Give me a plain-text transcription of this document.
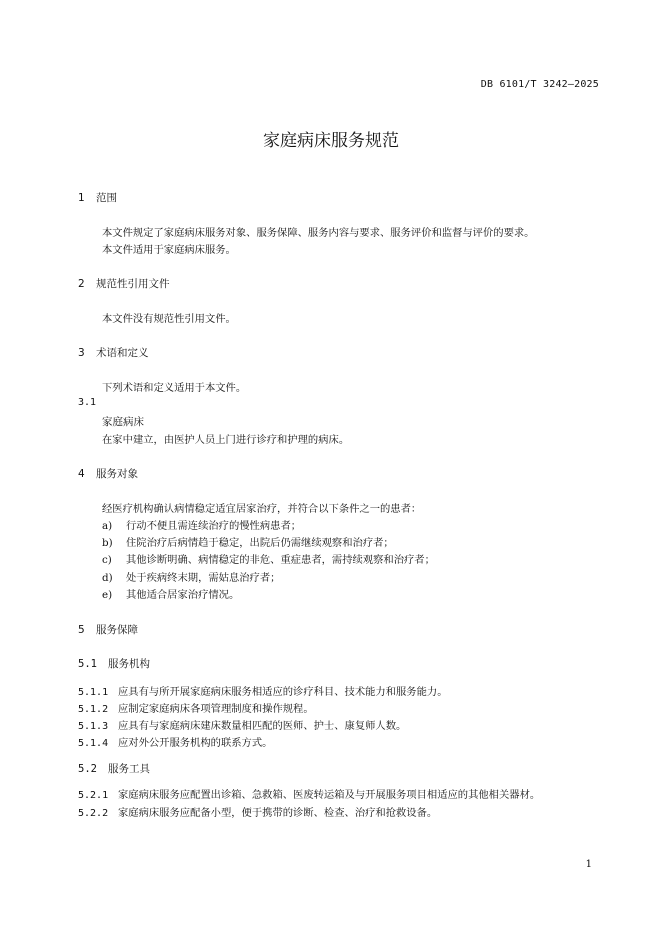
DB 6101/T 3242—2025
家庭病床服务规范
1 范围
本文件规定了家庭病床服务对象、服务保障、服务内容与要求、服务评价和监督与评价的要求。
本文件适用于家庭病床服务。
2 规范性引用文件
本文件没有规范性引用文件。
3 术语和定义
下列术语和定义适用于本文件。
3.1
家庭病床
在家中建立，由医护人员上门进行诊疗和护理的病床。
4 服务对象
经医疗机构确认病情稳定适宜居家治疗，并符合以下条件之一的患者：
a) 行动不便且需连续治疗的慢性病患者；
b) 住院治疗后病情趋于稳定，出院后仍需继续观察和治疗者；
c) 其他诊断明确、病情稳定的非危、重症患者，需持续观察和治疗者；
d) 处于疾病终末期，需姑息治疗者；
e) 其他适合居家治疗情况。
5 服务保障
5.1 服务机构
5.1.1 应具有与所开展家庭病床服务相适应的诊疗科目、技术能力和服务能力。
5.1.2 应制定家庭病床各项管理制度和操作规程。
5.1.3 应具有与家庭病床建床数量相匹配的医师、护士、康复师人数。
5.1.4 应对外公开服务机构的联系方式。
5.2 服务工具
5.2.1 家庭病床服务应配置出诊箱、急救箱、医废转运箱及与开展服务项目相适应的其他相关器材。
5.2.2 家庭病床服务应配备小型，便于携带的诊断、检查、治疗和抢救设备。
1
